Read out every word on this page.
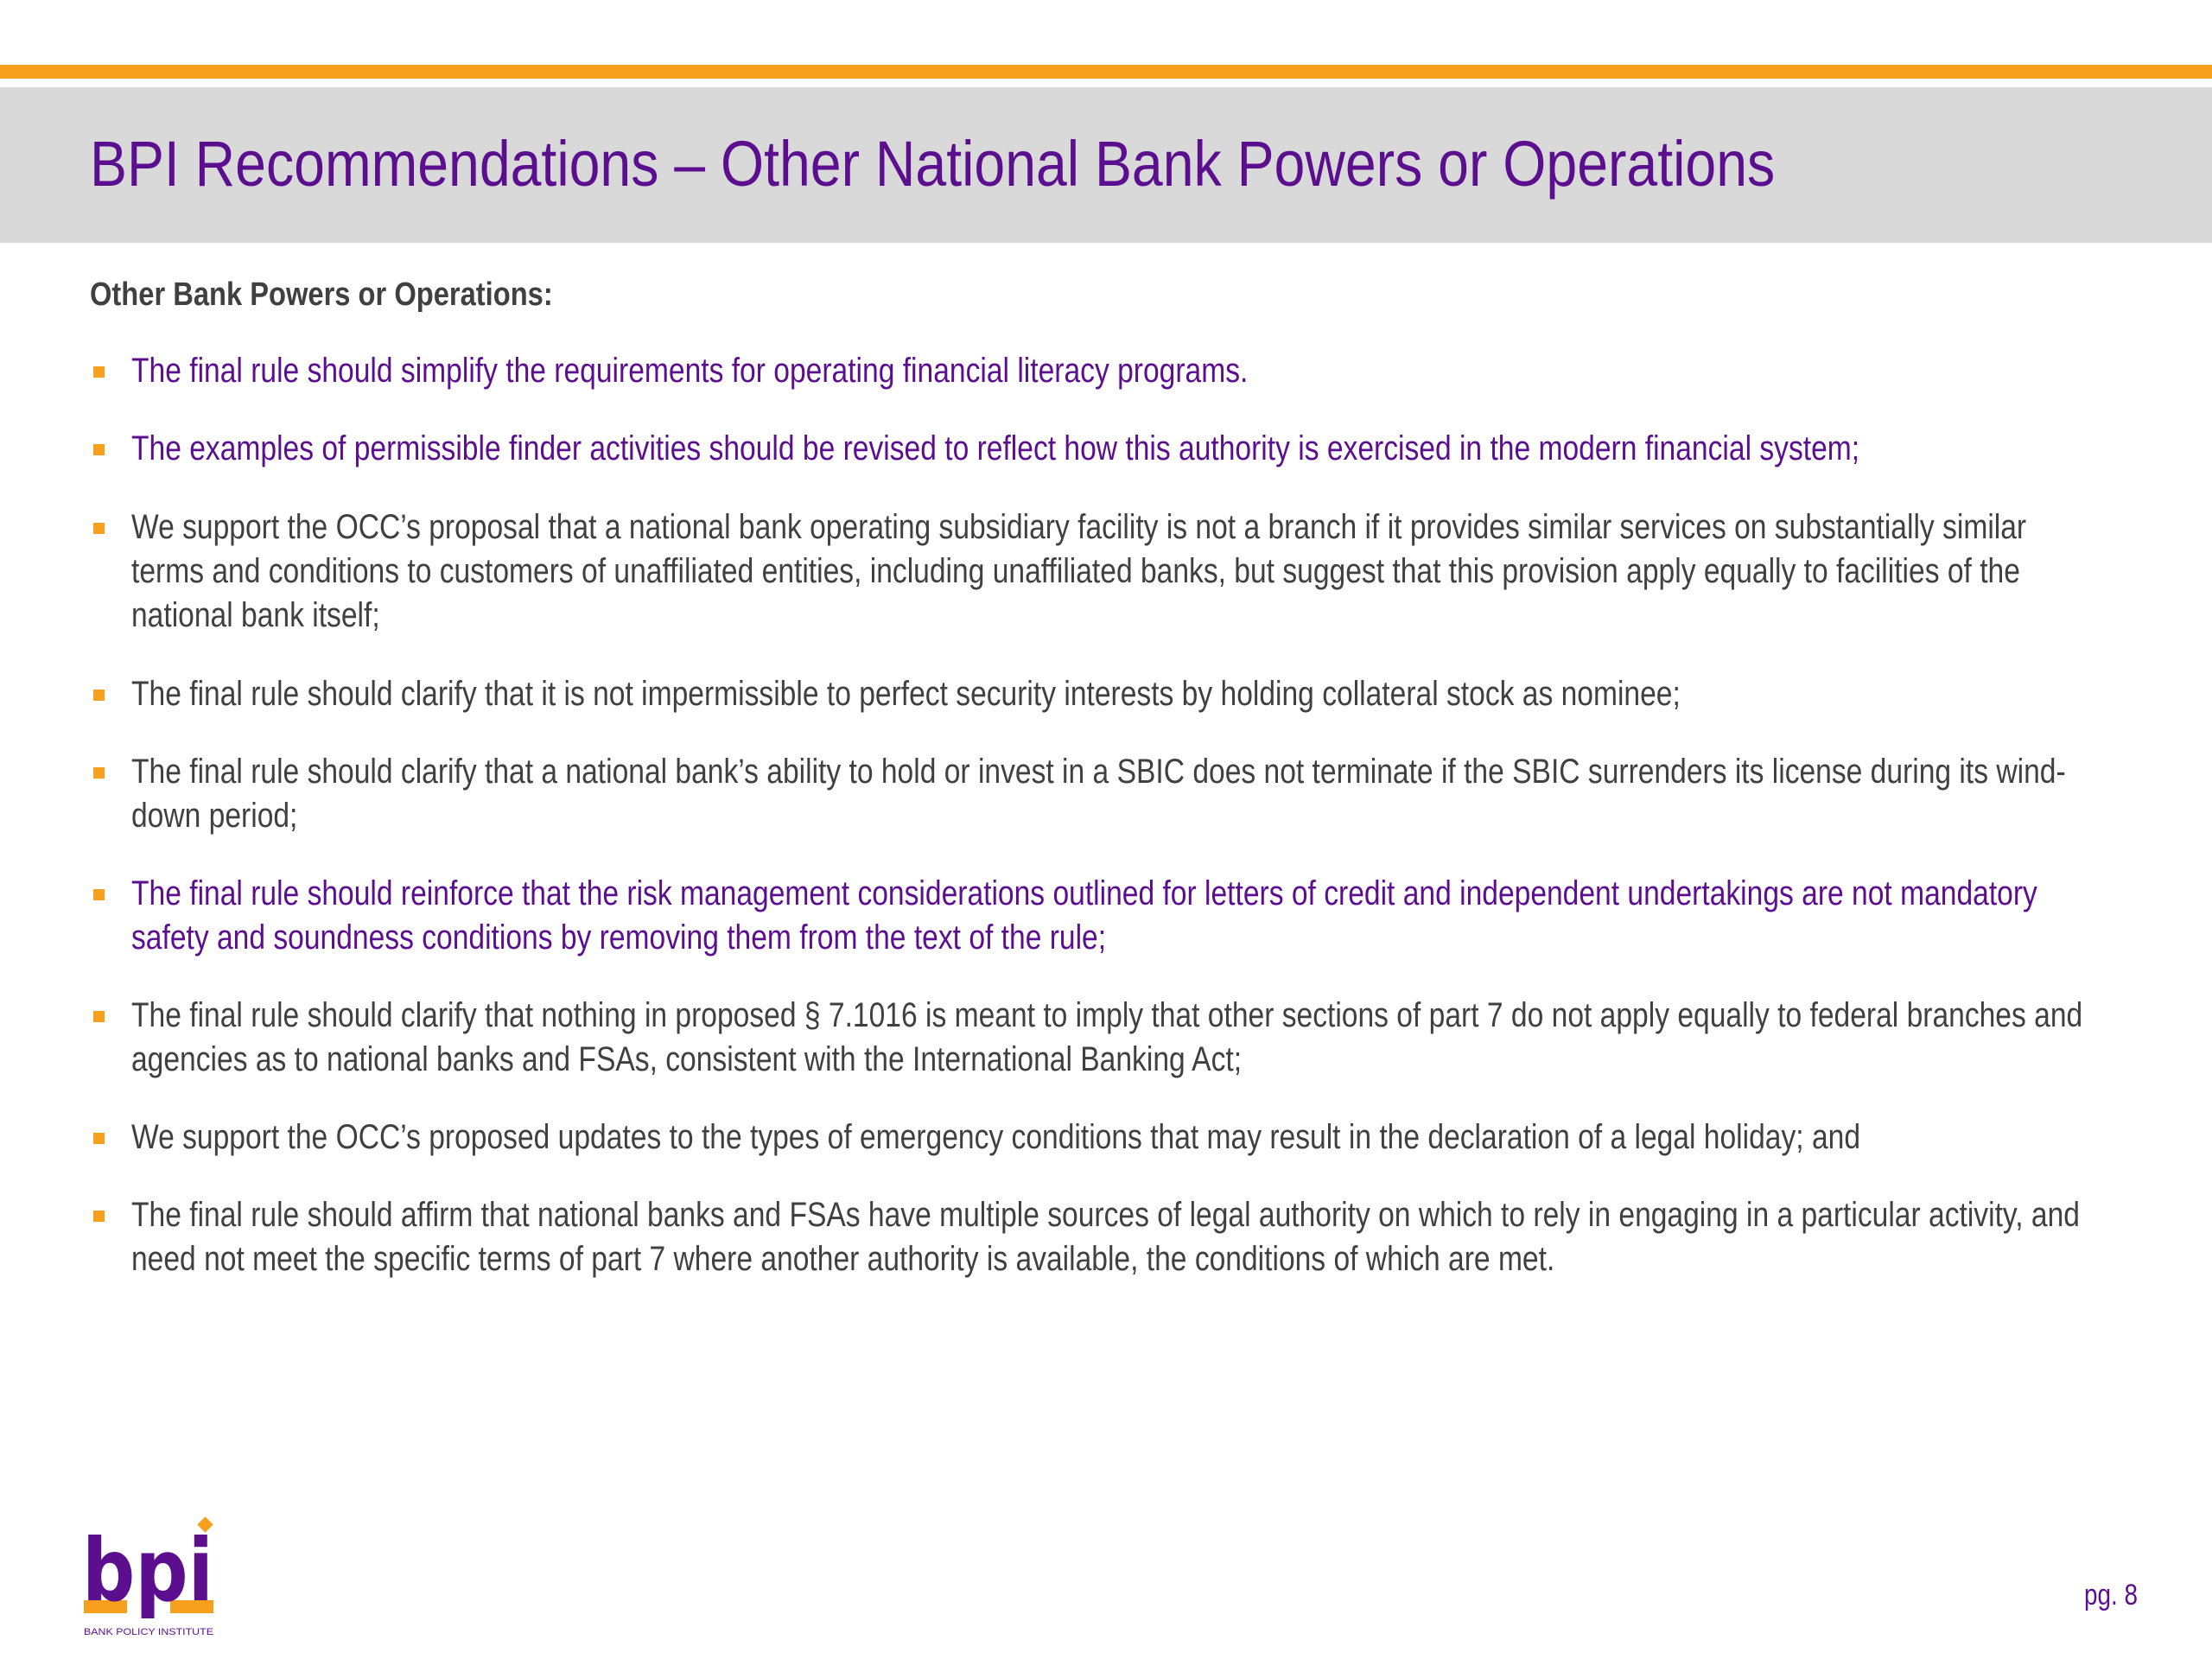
BPI Recommendations – Other National Bank Powers or Operations
Other Bank Powers or Operations:
The final rule should simplify the requirements for operating financial literacy programs.
The examples of permissible finder activities should be revised to reflect how this authority is exercised in the modern financial system;
We support the OCC’s proposal that a national bank operating subsidiary facility is not a branch if it provides similar services on substantially similar terms and conditions to customers of unaffiliated entities, including unaffiliated banks, but suggest that this provision apply equally to facilities of the national bank itself;
The final rule should clarify that it is not impermissible to perfect security interests by holding collateral stock as nominee;
The final rule should clarify that a national bank’s ability to hold or invest in a SBIC does not terminate if the SBIC surrenders its license during its wind-down period;
The final rule should reinforce that the risk management considerations outlined for letters of credit and independent undertakings are not mandatory safety and soundness conditions by removing them from the text of the rule;
The final rule should clarify that nothing in proposed § 7.1016 is meant to imply that other sections of part 7 do not apply equally to federal branches and agencies as to national banks and FSAs, consistent with the International Banking Act;
We support the OCC’s proposed updates to the types of emergency conditions that may result in the declaration of a legal holiday; and
The final rule should affirm that national banks and FSAs have multiple sources of legal authority on which to rely in engaging in a particular activity, and need not meet the specific terms of part 7 where another authority is available, the conditions of which are met.
bpi
BANK POLICY INSTITUTE

pg. 8
